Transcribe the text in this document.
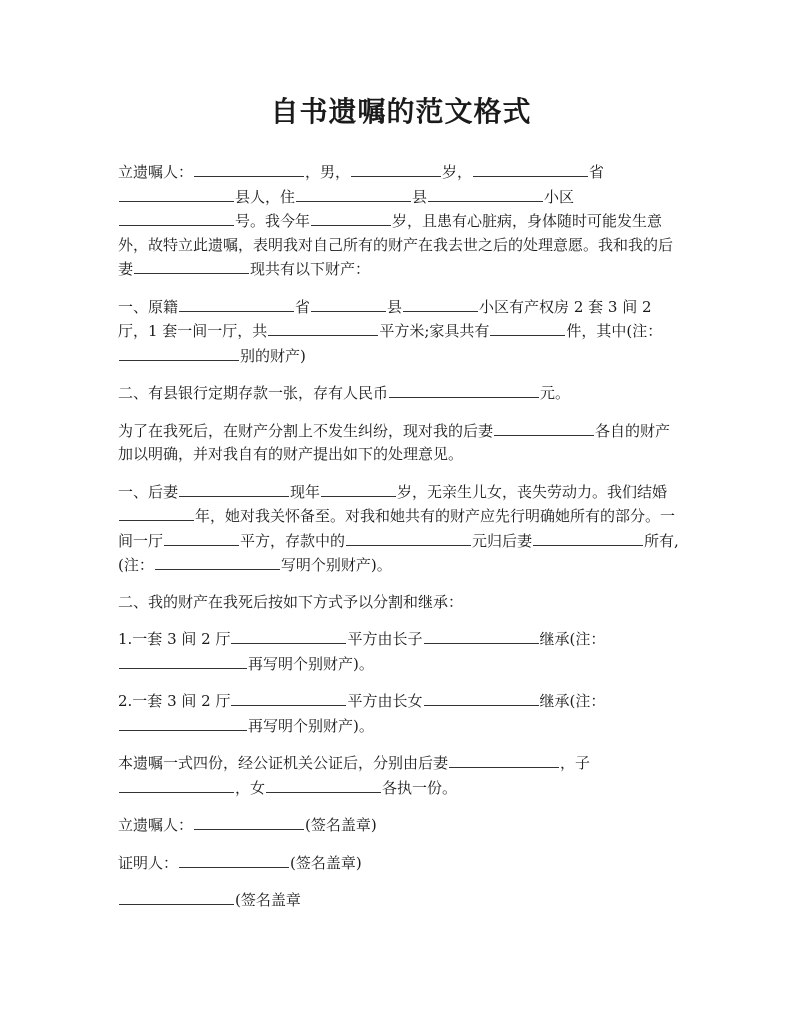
自书遗嘱的范文格式

立遗嘱人：	，男，	岁，	省县人，住	县	小区号。我今年	岁，且患有心脏病，身体随时可能发生意外，故特立此遗嘱，表明我对自己所有的财产在我去世之后的处理意愿。我和我的后妻	现共有以下财产：

一、原籍	省	县	小区有产权房 2 套 3 间 2 厅，1 套一间一厅，共	平方米;家具共有	件，其中(注：别的财产)

二、有县银行定期存款一张，存有人民币	元。

为了在我死后，在财产分割上不发生纠纷，现对我的后妻	各自的财产加以明确，并对我自有的财产提出如下的处理意见。

一、后妻	现年	岁，无亲生儿女，丧失劳动力。我们结婚年，她对我关怀备至。对我和她共有的财产应先行明确她所有的部分。一间一厅	平方，存款中的	元归后妻	所有,(注：	写明个别财产)。

二、我的财产在我死后按如下方式予以分割和继承：

1.一套 3 间 2 厅	平方由长子	继承(注：再写明个别财产)。

2.一套 3 间 2 厅	平方由长女	继承(注：再写明个别财产)。

本遗嘱一式四份，经公证机关公证后，分别由后妻	，子，女	各执一份。

立遗嘱人：	(签名盖章)

证明人：	(签名盖章)

(签名盖章
